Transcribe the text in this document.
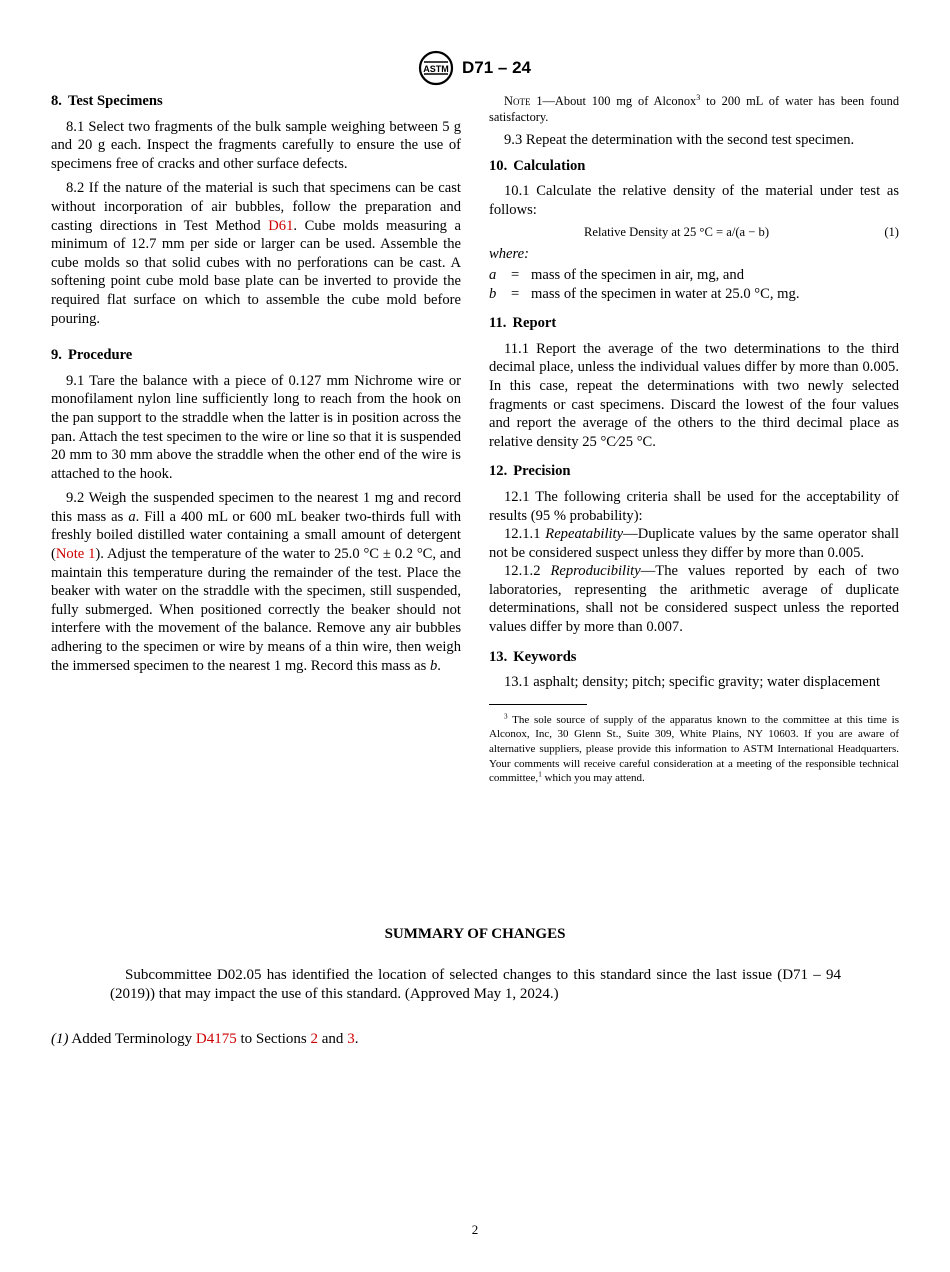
ASTM D71 – 24
8. Test Specimens

8.1 Select two fragments of the bulk sample weighing between 5 g and 20 g each. Inspect the fragments carefully to ensure the use of specimens free of cracks and other surface defects.

8.2 If the nature of the material is such that specimens can be cast without incorporation of air bubbles, follow the preparation and casting directions in Test Method D61. Cube molds measuring a minimum of 12.7 mm per side or larger can be used. Assemble the cube molds so that solid cubes with no perforations can be cast. A softening point cube mold base plate can be inverted to provide the required flat surface on which to assemble the cube mold before pouring.

9. Procedure

9.1 Tare the balance with a piece of 0.127 mm Nichrome wire or monofilament nylon line sufficiently long to reach from the hook on the pan support to the straddle when the latter is in position across the pan. Attach the test specimen to the wire or line so that it is suspended 20 mm to 30 mm above the straddle when the other end of the wire is attached to the hook.

9.2 Weigh the suspended specimen to the nearest 1 mg and record this mass as a. Fill a 400 mL or 600 mL beaker two-thirds full with freshly boiled distilled water containing a small amount of detergent (Note 1). Adjust the temperature of the water to 25.0 °C ± 0.2 °C, and maintain this temperature during the remainder of the test. Place the beaker with water on the straddle with the specimen, still suspended, fully submerged. When positioned correctly the beaker should not interfere with the movement of the balance. Remove any air bubbles adhering to the specimen or wire by means of a thin wire, then weigh the immersed specimen to the nearest 1 mg. Record this mass as b.

Note 1—About 100 mg of Alconox$^3$ to 200 mL of water has been found satisfactory.

9.3 Repeat the determination with the second test specimen.

10. Calculation

10.1 Calculate the relative density of the material under test as follows:

Relative Density at 25 °C = a/(a − b)	(1)

where:

a	= mass of the specimen in air, mg, and
b	= mass of the specimen in water at 25.0 °C, mg.
11. Report

11.1 Report the average of the two determinations to the third decimal place, unless the individual values differ by more than 0.005. In this case, repeat the determinations with two newly selected fragments or cast specimens. Discard the lowest of the four values and report the average of the others to the third decimal place as relative density 25 °C⁄25 °C.

12. Precision

12.1 The following criteria shall be used for the acceptability of results (95 % probability):

12.1.1 Repeatability—Duplicate values by the same operator shall not be considered suspect unless they differ by more than 0.005.

12.1.2 Reproducibility—The values reported by each of two laboratories, representing the arithmetic average of duplicate determinations, shall not be considered suspect unless the reported values differ by more than 0.007.

13. Keywords

13.1 asphalt; density; pitch; specific gravity; water displacement

$^3$ The sole source of supply of the apparatus known to the committee at this time is Alconox, Inc, 30 Glenn St., Suite 309, White Plains, NY 10603. If you are aware of alternative suppliers, please provide this information to ASTM International Headquarters. Your comments will receive careful consideration at a meeting of the responsible technical committee,$^1$ which you may attend.

SUMMARY OF CHANGES

Subcommittee D02.05 has identified the location of selected changes to this standard since the last issue (D71 – 94 (2019)) that may impact the use of this standard. (Approved May 1, 2024.)

(1) Added Terminology D4175 to Sections 2 and 3.
2
